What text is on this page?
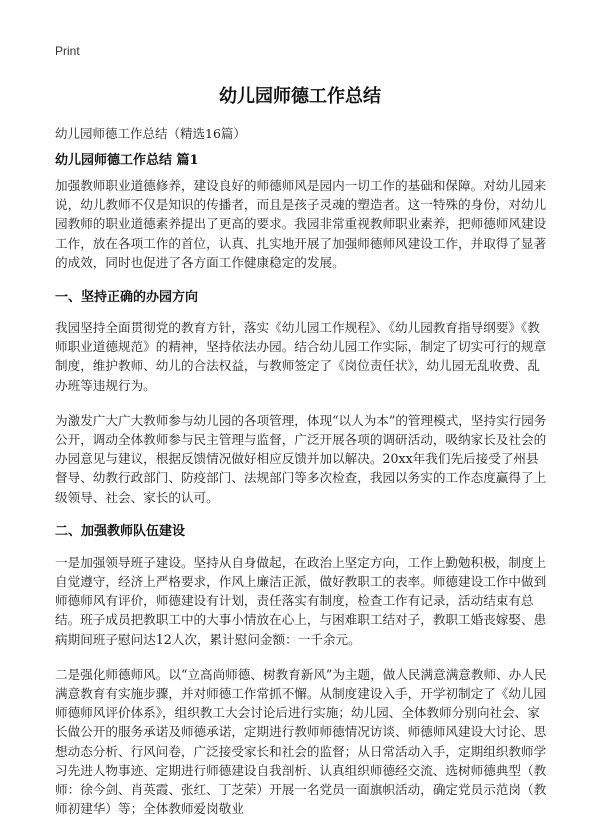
Print
幼儿园师德工作总结
幼儿园师德工作总结（精选16篇）
幼儿园师德工作总结 篇1

加强教师职业道德修养，建设良好的师德师风是园内一切工作的基础和保障。对幼儿园来说，幼儿教师不仅是知识的传播者，而且是孩子灵魂的塑造者。这一特殊的身份，对幼儿园教师的职业道德素养提出了更高的要求。我园非常重视教师职业素养，把师德师风建设工作，放在各项工作的首位，认真、扎实地开展了加强师德师风建设工作，并取得了显著的成效，同时也促进了各方面工作健康稳定的发展。

一、坚持正确的办园方向

我园坚持全面贯彻党的教育方针，落实《幼儿园工作规程》、《幼儿园教育指导纲要》《教师职业道德规范》的精神，坚持依法办园。结合幼儿园工作实际，制定了切实可行的规章制度，维护教师、幼儿的合法权益，与教师签定了《岗位责任状》，幼儿园无乱收费、乱办班等违规行为。

为激发广大广大教师参与幼儿园的各项管理，体现“以人为本”的管理模式，坚持实行园务公开，调动全体教师参与民主管理与监督，广泛开展各项的调研活动，吸纳家长及社会的办园意见与建议，根据反馈情况做好相应反馈并加以解决。20xx年我们先后接受了州县督导、幼教行政部门、防疫部门、法规部门等多次检查，我园以务实的工作态度赢得了上级领导、社会、家长的认可。

二、加强教师队伍建设

一是加强领导班子建设。坚持从自身做起，在政治上坚定方向，工作上勤勉积极，制度上自觉遵守，经济上严格要求，作风上廉洁正派，做好教职工的表率。师德建设工作中做到师德师风有评价，师德建设有计划，责任落实有制度，检查工作有记录，活动结束有总结。班子成员把教职工中的大事小情放在心上，与困难职工结对子，教职工婚丧嫁娶、患病期间班子慰问达12人次，累计慰问金额：一千余元。

二是强化师德师风。以“立高尚师德、树教育新风”为主题，做人民满意满意教师、办人民满意教育有实施步骤，并对师德工作常抓不懈。从制度建设入手，开学初制定了《幼儿园师德师风评价体系》，组织教工大会讨论后进行实施；幼儿园、全体教师分别向社会、家长做公开的服务承诺及师德承诺，定期进行教师师德情况访谈、师德师风建设大讨论、思想动态分析、行风问卷，广泛接受家长和社会的监督；从日常活动入手，定期组织教师学习先进人物事迹、定期进行师德建设自我剖析、认真组织师德经交流、选树师德典型（教师：徐今剑、肖英霞、张红、丁芝荣）开展一名党员一面旗帜活动，确定党员示范岗（教师初建华）等；全体教师爱岗敬业
